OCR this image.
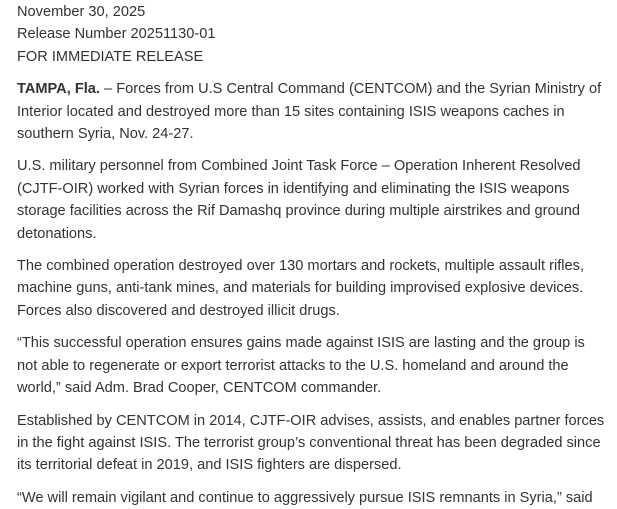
November 30, 2025
Release Number 20251130-01
FOR IMMEDIATE RELEASE

TAMPA, Fla. – Forces from U.S Central Command (CENTCOM) and the Syrian Ministry of Interior located and destroyed more than 15 sites containing ISIS weapons caches in southern Syria, Nov. 24-27.

U.S. military personnel from Combined Joint Task Force – Operation Inherent Resolved (CJTF-OIR) worked with Syrian forces in identifying and eliminating the ISIS weapons storage facilities across the Rif Damashq province during multiple airstrikes and ground detonations.

The combined operation destroyed over 130 mortars and rockets, multiple assault rifles, machine guns, anti-tank mines, and materials for building improvised explosive devices. Forces also discovered and destroyed illicit drugs.

“This successful operation ensures gains made against ISIS are lasting and the group is not able to regenerate or export terrorist attacks to the U.S. homeland and around the world,” said Adm. Brad Cooper, CENTCOM commander.

Established by CENTCOM in 2014, CJTF-OIR advises, assists, and enables partner forces in the fight against ISIS. The terrorist group’s conventional threat has been degraded since its territorial defeat in 2019, and ISIS fighters are dispersed.

“We will remain vigilant and continue to aggressively pursue ISIS remnants in Syria,” said
